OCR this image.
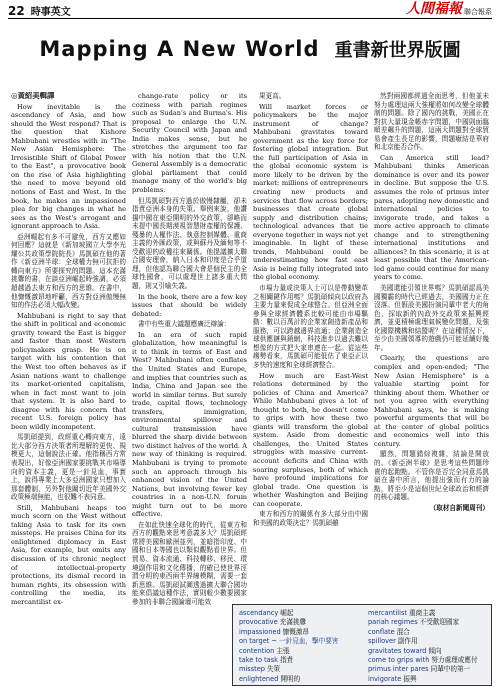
22 時事英文	人間福報 聯合報系
Mapping A New World 重書新世界版圖

◎黃紹美輯譯

How inevitable is the ascendancy of Asia, and how should the West respond? That is the question that Kishore Mahbubani wrestles with in "The New Asian Hemisphere: The Irresistible Shift of Global Power to the East", a provocative book on the rise of Asia highlighting the need to move beyond old notions of East and West. In the book, he makes an impassioned plea for big changes in what he sees as the West's arrogant and ignorant approach to Asia.

亞洲崛起有多不可避免，西方又應如何回應？這就是《新加坡國立大學李光耀公共政策學院院長》馬凱碩在他的著作《新亞洲半球：全球權力無可抗拒的轉向東方》所要探究的問題。這本充滿挑釁的書，在談亞洲崛起時強調，必須超越過去東方和西方的思維。在書中，他慷慨激昂地呼籲，西方對亞洲傲慢無知的作法必須大幅改變。

Mahbubani is right to say that the shift in political and economic gravity toward the East is bigger and faster than most Western policymakers grasp. He is on target with his contention that the West too often behaves as if Asian nations want to challenge its market-oriented capitalism, when in fact most want to join that system. It is also hard to disagree with his concern that recent U.S. foreign policy has been wildly incompetent.

馬凱碩提到，政經重心轉向東方，遠比大部分西方決策者所理解的更快、規模更大，這個說法正確。他指稱西方常表現出，好像亞洲國家要挑戰其市場導向的資本主義，更是一針見血，事實上，說得專業上大多亞洲國家只想加入那套體制，另外對他關切近年美國外交政策極端無能，也很難不表同意。

Still, Mahbubani heaps too much scorn on the West without taking Asia to task for its own missteps. He praises China for its enlightened diplomacy in East Asia, for example, but omits any discussion of its chronic neglect of intellectual-property protections, its dismal record in human rights, its obsession with controlling the media, its mercantilist ex-

change-rate policy or its coziness with pariah regimes such as Sudan's and Burma's. His proposal to enlarge the U.N. Security Council with Japan and India makes sense, but he stretches the argument too far with his notion that the U.N. General Assembly is a democratic global parliament that could manage many of the world's big problems.

但馬凱碩對西方過於傲慢隸屬，卻未指責亞洲本身的失策。舉例來說，他讚揚中國在東亞開明的外交政策，卻略而未提中國長期漠視智慧財產權的保護、殘暴的人權作法、執意控制媒體、重商主義的外匯政策，或與蘇丹及緬甸等不受歡迎的政權往來關係。他提議擴大聯合國安理會，納入日本和印度是合乎道理，但他認為聯合國大會是個民主的全球性國會，可以處理世上諸多重大問題，則又引喻失義。

In the book, there are a few key issues that should be widely debated:

書中有些重大議題應廣泛辯論：

In an era of such rapid globalization, how meaningful is it to think in terms of East and West? Mahbubani often conflates the United States and Europe, and implies that countries such as India, China and Japan see the world in similar terms. But surely trade, capital flows, technology transfers, immigration, environmental spillover and cultural transmission have blurred the sharp divide between two distinct halves of the world. A new way of thinking is required. Mahbubani is trying to promote such an approach through his enhanced vision of the United Nations, but involving fewer key countries in a non-U.N. forum might turn out to be more effective.

在如此快速全球化的時代，從東方和西方的觀點來思考意義多大？馬凱碩經常將美國和歐洲並列，並暗指印度、中國和日本等國也以類似觀點看世界。但貿易、資本流通、科技轉移、移民、環境副作用和文化傳播，的確已使世界涇渭分明的東西兩半界線模糊，需要一套新思維。馬凱碩試圖透過擴大聯合國功能來倡議這種作法，實則較少數要國家參加的非聯合國論壇可能效

果更高。

Will market forces or policymakers be the major instrument of change? Mahbubani gravitates toward government as the key force for fostering global integration. But the full participation of Asia in the global economic system is more likely to be driven by the market: millions of entrepreneurs creating new products and services that flow across borders; businesses that create global supply and distribution chains; technological advances that tie everyone together in ways not yet imaginable. In light of these trends, Mahbubani could be underestimating how fast east Asia is being fully integrated into the global economy.

市場力量或決策人士可以是帶動變革之相關鍵作用嗎？馬凱碩傾向以政府為主要力量來促成全球整合。但亞洲全面參與全球經濟體系比較可能由市場驅動：數以百萬計的企業家創造新產品和服務，可以跨越邊界流通；企業創造全球供應鏈與銷網，科技進步以過去難以想像的方式把大家串連在一起。從這些趨勢看來，馬凱碩可能低估了東亞正以多快的速度和全球經濟整合。

How much are East-West relations determined by the policies of China and America? While Mahbubani gives a lot of thought to both, he doesn't come to grips with how these two giants will transform the global system. Aside from domestic challenges, the United States struggles with massive current-account deficits and China with soaring surpluses, both of which have profound implications for global trade. One question is whether Washington and Beijing can cooperate.

東方和西方的關係有多大部分由中國和美國的政策決定？馬凱碩雖

然對兩國都經過全面思考，但他並未努力處理這兩大強權將如何改變全球體制的問題。除了國內的挑戰，美國正在對抗大量現金帳赤字問題，中國則面臨順差飆升的問題，這兩大問題對全球貿易會產生長足的影響，問題癥結是華府和北京能否合作。

Can America still lead? Mahbubani thinks American dominance is over and its power in decline. But suppose the U.S. assumes the role of primus inter pares, adopting new domestic and international policies to invigorate trade, and takes a more active approach to climate change and to strengthening international institutions and alliances? In this scenario, it is at least possible that the American-led game could continue for many years to come.

美國還能引領世界嗎？馬凱碩認爲美國獨霸的時代已經過去，美國國力正在沒落。但假設美國扮演同輩中老大的角色，採取新的內政外交政策來振興經濟，並更積極處理氣候變化問題，及強化國際機構和結盟呢？在這種情況下，至少由美國領導的遊戲仍可能延續好幾年。

Clearly, the questions are complex and open-ended; "The New Asian Hemisphere" is a valuable starting point for thinking about them. Whether or not you agree with everything Mahbubani says, he is making powerful arguments that will be at the center of global politics and economics well into this century.

顯然，問題錯綜複雜，結論是開放的。《新亞洲半球》是思考這些問題珍貴的起跑點。不管你是否完全同意馬凱碩在書中所言，他提出強而有力的論點，將至少是這個世紀全球政治和經濟的核心議題。

（取材自新聞周刊）

ascendancy 崛起
provocative 充滿挑釁
impassioned 慷慨激昂
on target ~ 一針見血，擊中要害
contention 主張
take to task 指責
misstep 失策
enlightened 開明的
mercantilist 重商主義
pariah regimes 不受歡迎國家
conflate 混合
spillover 副作用
gravitates toward 傾向
come to grips with 努力處理或應付
primus inter pares 同輩中的第一
invigorate 振興
